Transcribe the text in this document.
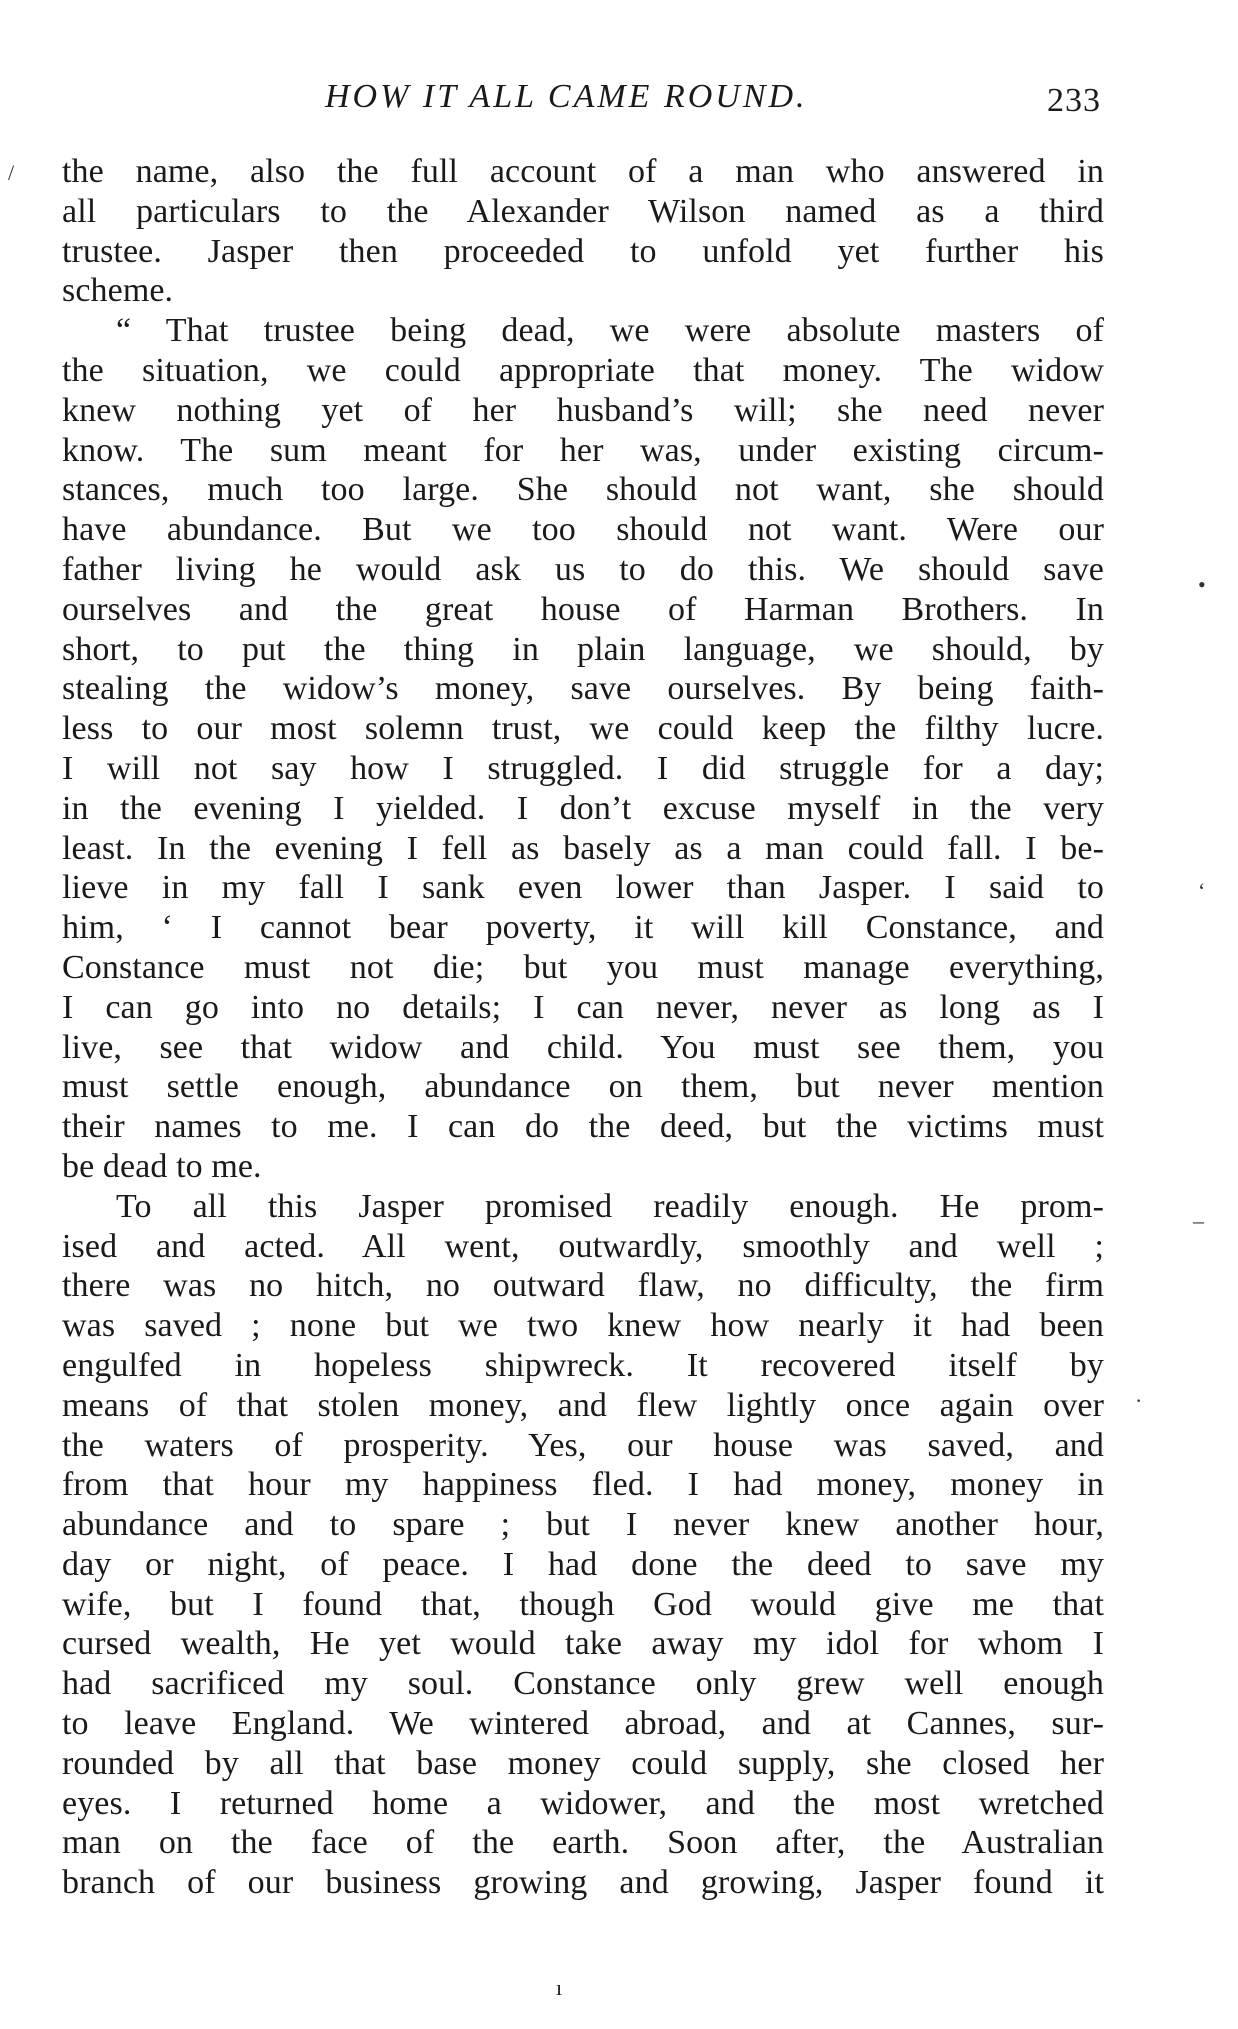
HOW IT ALL CAME ROUND.	233
/
•
‘
–
·
the name, also the full account of a man who answered in
all particulars to the Alexander Wilson named as a third
trustee. Jasper then proceeded to unfold yet further his
scheme.
“ That trustee being dead, we were absolute masters of
the situation, we could appropriate that money. The widow
knew nothing yet of her husband’s will; she need never
know. The sum meant for her was, under existing circum-
stances, much too large. She should not want, she should
have abundance. But we too should not want. Were our
father living he would ask us to do this. We should save
ourselves and the great house of Harman Brothers. In
short, to put the thing in plain language, we should, by
stealing the widow’s money, save ourselves. By being faith-
less to our most solemn trust, we could keep the filthy lucre.
I will not say how I struggled. I did struggle for a day;
in the evening I yielded. I don’t excuse myself in the very
least. In the evening I fell as basely as a man could fall. I be-
lieve in my fall I sank even lower than Jasper. I said to
him, ‘ I cannot bear poverty, it will kill Constance, and
Constance must not die; but you must manage everything,
I can go into no details; I can never, never as long as I
live, see that widow and child. You must see them, you
must settle enough, abundance on them, but never mention
their names to me. I can do the deed, but the victims must
be dead to me.
To all this Jasper promised readily enough. He prom-
ised and acted. All went, outwardly, smoothly and well ;
there was no hitch, no outward flaw, no difficulty, the firm
was saved ; none but we two knew how nearly it had been
engulfed in hopeless shipwreck. It recovered itself by
means of that stolen money, and flew lightly once again over
the waters of prosperity. Yes, our house was saved, and
from that hour my happiness fled. I had money, money in
abundance and to spare ; but I never knew another hour,
day or night, of peace. I had done the deed to save my
wife, but I found that, though God would give me that
cursed wealth, He yet would take away my idol for whom I
had sacrificed my soul. Constance only grew well enough
to leave England. We wintered abroad, and at Cannes, sur-
rounded by all that base money could supply, she closed her
eyes. I returned home a widower, and the most wretched
man on the face of the earth. Soon after, the Australian
branch of our business growing and growing, Jasper found it
ı
